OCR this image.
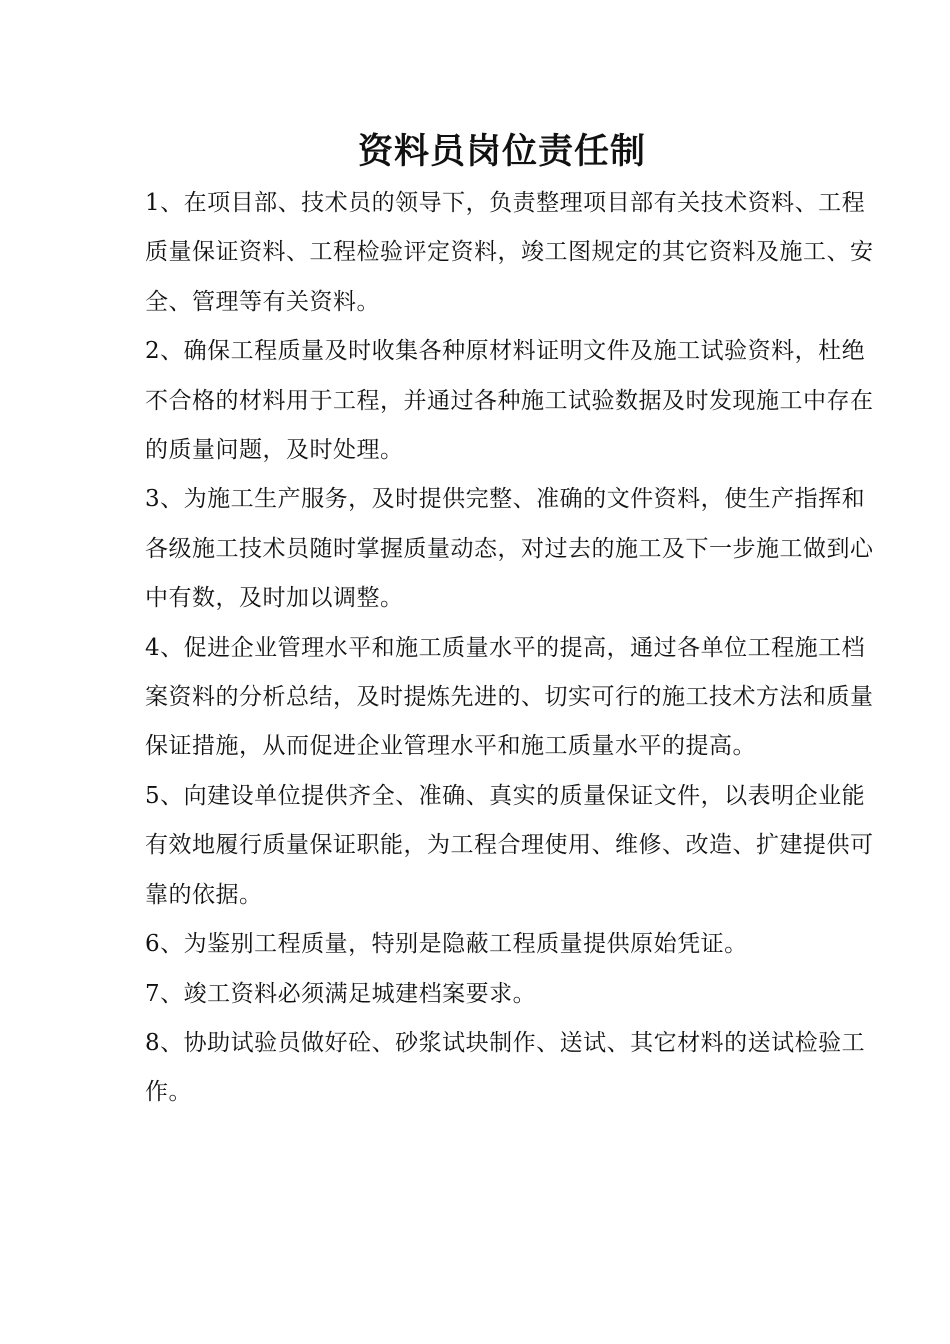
资料员岗位责任制

1、在项目部、技术员的领导下，负责整理项目部有关技术资料、工程质量保证资料、工程检验评定资料，竣工图规定的其它资料及施工、安全、管理等有关资料。

2、确保工程质量及时收集各种原材料证明文件及施工试验资料，杜绝不合格的材料用于工程，并通过各种施工试验数据及时发现施工中存在的质量问题，及时处理。

3、为施工生产服务，及时提供完整、准确的文件资料，使生产指挥和各级施工技术员随时掌握质量动态，对过去的施工及下一步施工做到心中有数，及时加以调整。

4、促进企业管理水平和施工质量水平的提高，通过各单位工程施工档案资料的分析总结，及时提炼先进的、切实可行的施工技术方法和质量保证措施，从而促进企业管理水平和施工质量水平的提高。

5、向建设单位提供齐全、准确、真实的质量保证文件，以表明企业能有效地履行质量保证职能，为工程合理使用、维修、改造、扩建提供可靠的依据。

6、为鉴别工程质量，特别是隐蔽工程质量提供原始凭证。

7、竣工资料必须满足城建档案要求。

8、协助试验员做好砼、砂浆试块制作、送试、其它材料的送试检验工作。
